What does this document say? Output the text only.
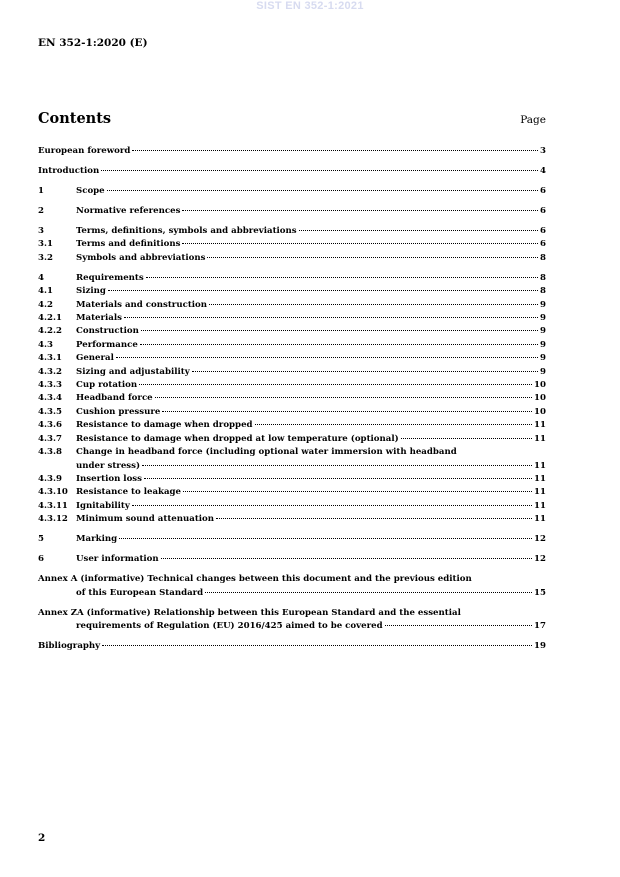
SIST EN 352-1:2021
EN 352-1:2020 (E)
Contents	Page
European foreword	3
Introduction	4
1	Scope	6
2	Normative references	6
3	Terms, definitions, symbols and abbreviations	6
3.1	Terms and definitions	6
3.2	Symbols and abbreviations	8
4	Requirements	8
4.1	Sizing	8
4.2	Materials and construction	9
4.2.1	Materials	9
4.2.2	Construction	9
4.3	Performance	9
4.3.1	General	9
4.3.2	Sizing and adjustability	9
4.3.3	Cup rotation	10
4.3.4	Headband force	10
4.3.5	Cushion pressure	10
4.3.6	Resistance to damage when dropped	11
4.3.7	Resistance to damage when dropped at low temperature (optional)	11
4.3.8	Change in headband force (including optional water immersion with headband
under stress)	11
4.3.9	Insertion loss	11
4.3.10 Resistance to leakage	11
4.3.11 Ignitability	11
4.3.12 Minimum sound attenuation	11
5	Marking	12
6	User information	12
Annex A (informative) Technical changes between this document and the previous edition
of this European Standard	15
Annex ZA (informative) Relationship between this European Standard and the essential
requirements of Regulation (EU) 2016/425 aimed to be covered	17
Bibliography	19
2
